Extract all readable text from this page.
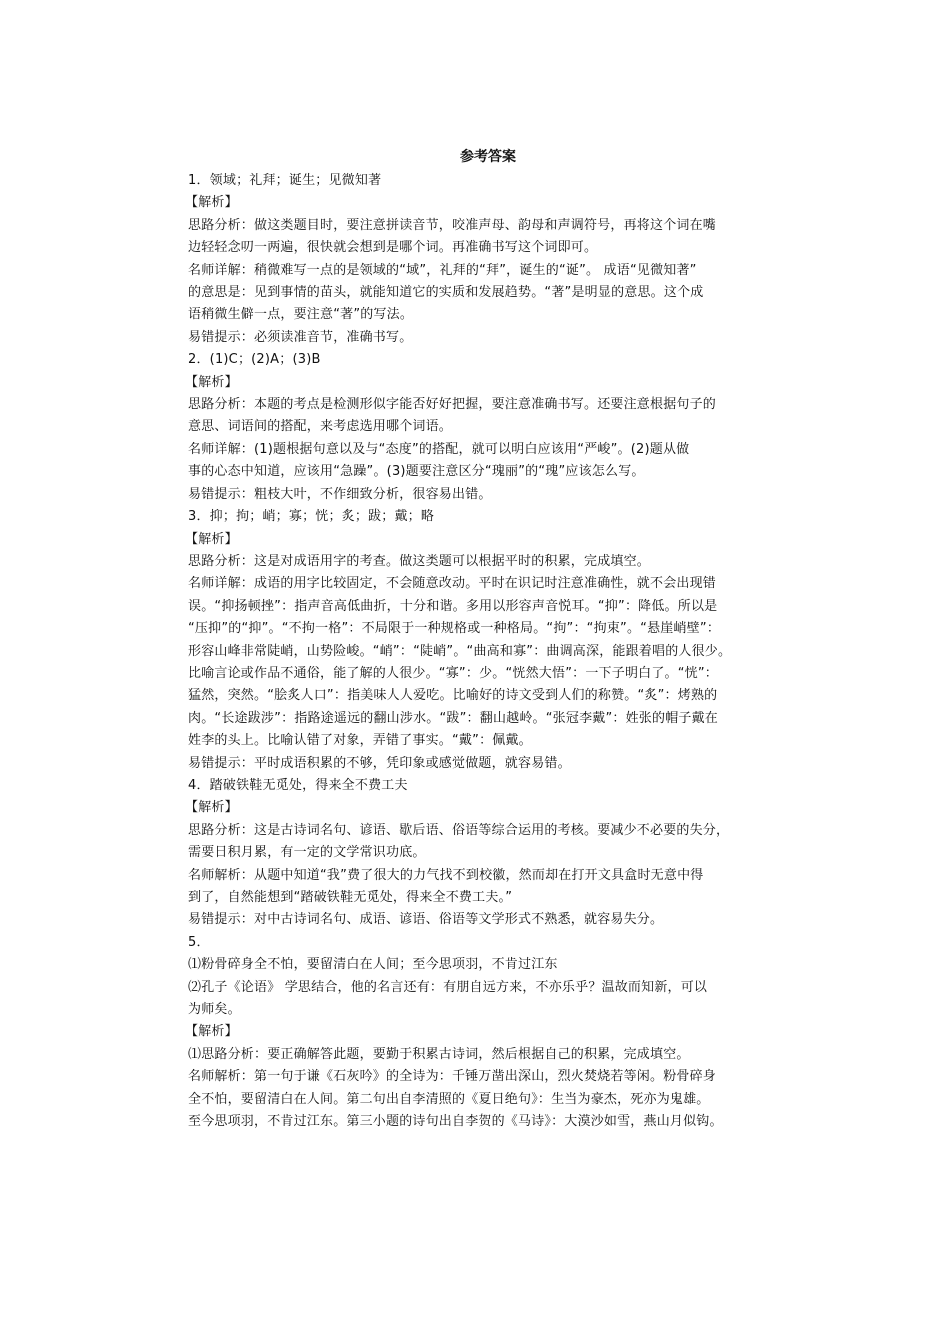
参考答案
1．领域；礼拜；诞生；见微知著
【解析】
思路分析：做这类题目时，要注意拼读音节，咬准声母、韵母和声调符号，再将这个词在嘴
边轻轻念叨一两遍，很快就会想到是哪个词。再准确书写这个词即可。
名师详解：稍微难写一点的是领域的“域”，礼拜的“拜”，诞生的“诞”。 成语“见微知著”
的意思是：见到事情的苗头，就能知道它的实质和发展趋势。“著”是明显的意思。这个成
语稍微生僻一点，要注意“著”的写法。
易错提示：必须读准音节，准确书写。
2．(1)C；(2)A；(3)B
【解析】
思路分析：本题的考点是检测形似字能否好好把握，要注意准确书写。还要注意根据句子的
意思、词语间的搭配，来考虑选用哪个词语。
名师详解：(1)题根据句意以及与“态度”的搭配，就可以明白应该用“严峻”。(2)题从做
事的心态中知道，应该用“急躁”。(3)题要注意区分“瑰丽”的“瑰”应该怎么写。
易错提示：粗枝大叶，不作细致分析，很容易出错。
3．抑；拘；峭；寡；恍；炙；跋；戴；略
【解析】
思路分析：这是对成语用字的考查。做这类题可以根据平时的积累，完成填空。
名师详解：成语的用字比较固定，不会随意改动。平时在识记时注意准确性，就不会出现错
误。“抑扬顿挫”：指声音高低曲折，十分和谐。多用以形容声音悦耳。“抑”：降低。所以是
“压抑”的“抑”。“不拘一格”：不局限于一种规格或一种格局。“拘”：“拘束”。“悬崖峭壁”：
形容山峰非常陡峭，山势险峻。“峭”：“陡峭”。“曲高和寡”：曲调高深，能跟着唱的人很少。
比喻言论或作品不通俗，能了解的人很少。“寡”：少。“恍然大悟”：一下子明白了。“恍”：
猛然，突然。“脍炙人口”：指美味人人爱吃。比喻好的诗文受到人们的称赞。“炙”：烤熟的
肉。“长途跋涉”：指路途遥远的翻山涉水。“跋”：翻山越岭。“张冠李戴”：姓张的帽子戴在
姓李的头上。比喻认错了对象，弄错了事实。“戴”：佩戴。
易错提示：平时成语积累的不够，凭印象或感觉做题，就容易错。
4．踏破铁鞋无觅处，得来全不费工夫
【解析】
思路分析：这是古诗词名句、谚语、歇后语、俗语等综合运用的考核。要减少不必要的失分，
需要日积月累，有一定的文学常识功底。
名师解析：从题中知道“我”费了很大的力气找不到校徽，然而却在打开文具盒时无意中得
到了，自然能想到“踏破铁鞋无觅处，得来全不费工夫。”
易错提示：对中古诗词名句、成语、谚语、俗语等文学形式不熟悉，就容易失分。
5．
⑴粉骨碎身全不怕，要留清白在人间；至今思项羽，不肯过江东
⑵孔子《论语》 学思结合，他的名言还有：有朋自远方来，不亦乐乎？温故而知新，可以
为师矣。
【解析】
⑴思路分析：要正确解答此题，要勤于积累古诗词，然后根据自己的积累，完成填空。
名师解析：第一句于谦《石灰吟》的全诗为：千锤万凿出深山，烈火焚烧若等闲。粉骨碎身
全不怕，要留清白在人间。第二句出自李清照的《夏日绝句》：生当为豪杰，死亦为鬼雄。
至今思项羽，不肯过江东。第三小题的诗句出自李贺的《马诗》：大漠沙如雪，燕山月似钩。
